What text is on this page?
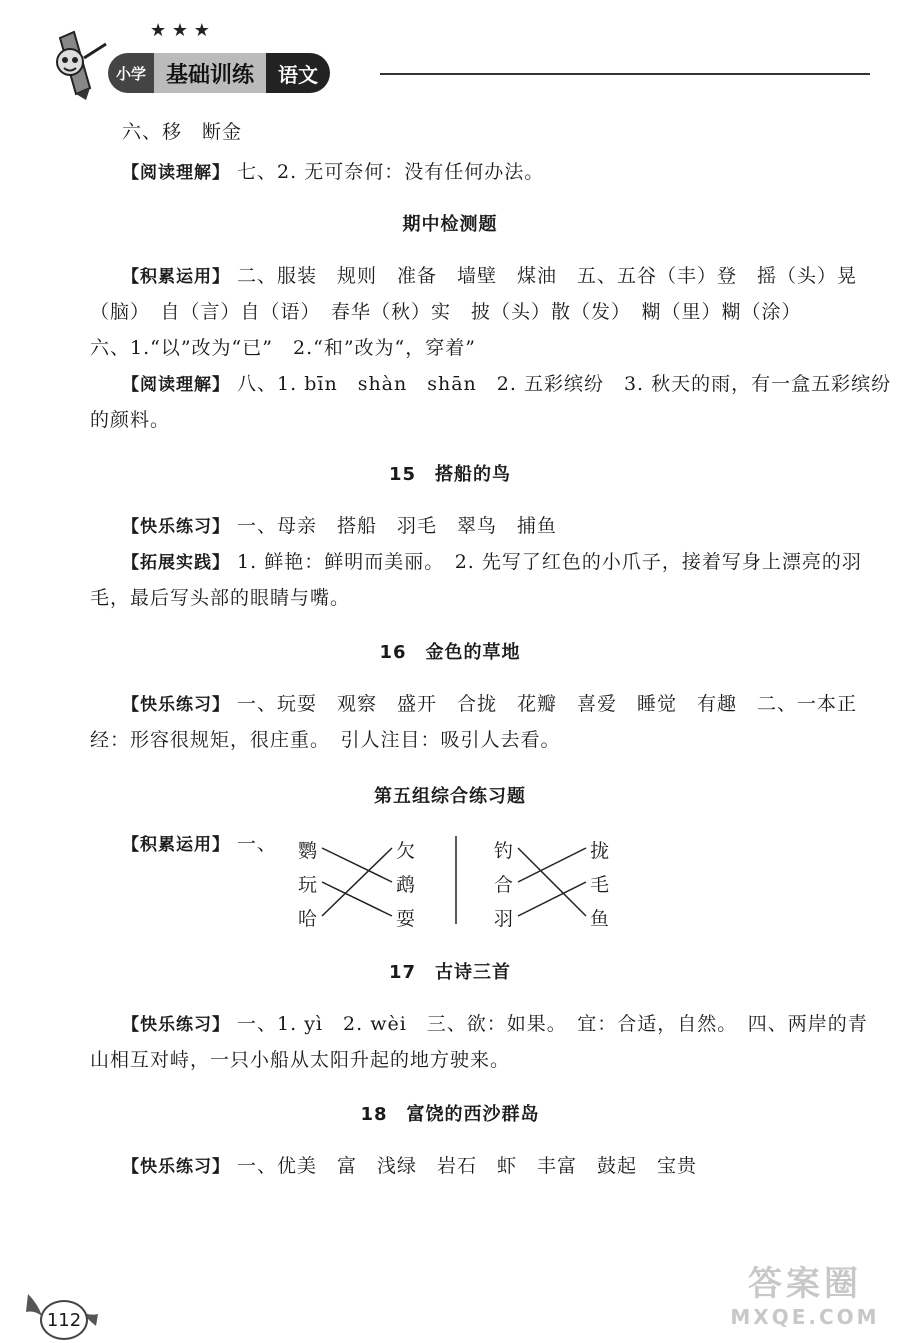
★ ★ ★
小学 基础训练	语文
六、移　断金
【阅读理解】 七、2. 无可奈何：没有任何办法。
期中检测题
【积累运用】 二、服装　规则　准备　墙壁　煤油　五、五谷（丰）登　摇（头）晃
（脑）　自（言）自（语）　春华（秋）实　披（头）散（发）　糊（里）糊（涂）
六、1.“以”改为“已”　2.“和”改为“，穿着”
【阅读理解】 八、1. bīn　shàn　shān　2. 五彩缤纷　3. 秋天的雨，有一盒五彩缤纷
的颜料。
15　搭船的鸟
【快乐练习】 一、母亲　搭船　羽毛　翠鸟　捕鱼
【拓展实践】 1. 鲜艳：鲜明而美丽。　2. 先写了红色的小爪子，接着写身上漂亮的羽
毛，最后写头部的眼睛与嘴。
16　金色的草地
【快乐练习】 一、玩耍　观察　盛开　合拢　花瓣　喜爱　睡觉　有趣　二、一本正
经：形容很规矩，很庄重。　引人注目：吸引人去看。
第五组综合练习题
【积累运用】 一、 鹦
玩
哈
欠
鹉
耍
钓
合
羽
拢
毛
鱼
17　古诗三首
【快乐练习】 一、1. yì　2. wèi　三、欲：如果。　宜：合适，自然。　四、两岸的青
山相互对峙，一只小船从太阳升起的地方驶来。
18　富饶的西沙群岛
【快乐练习】 一、优美　富　浅绿　岩石　虾　丰富　鼓起　宝贵
112
答案圈
MXQE.COM
